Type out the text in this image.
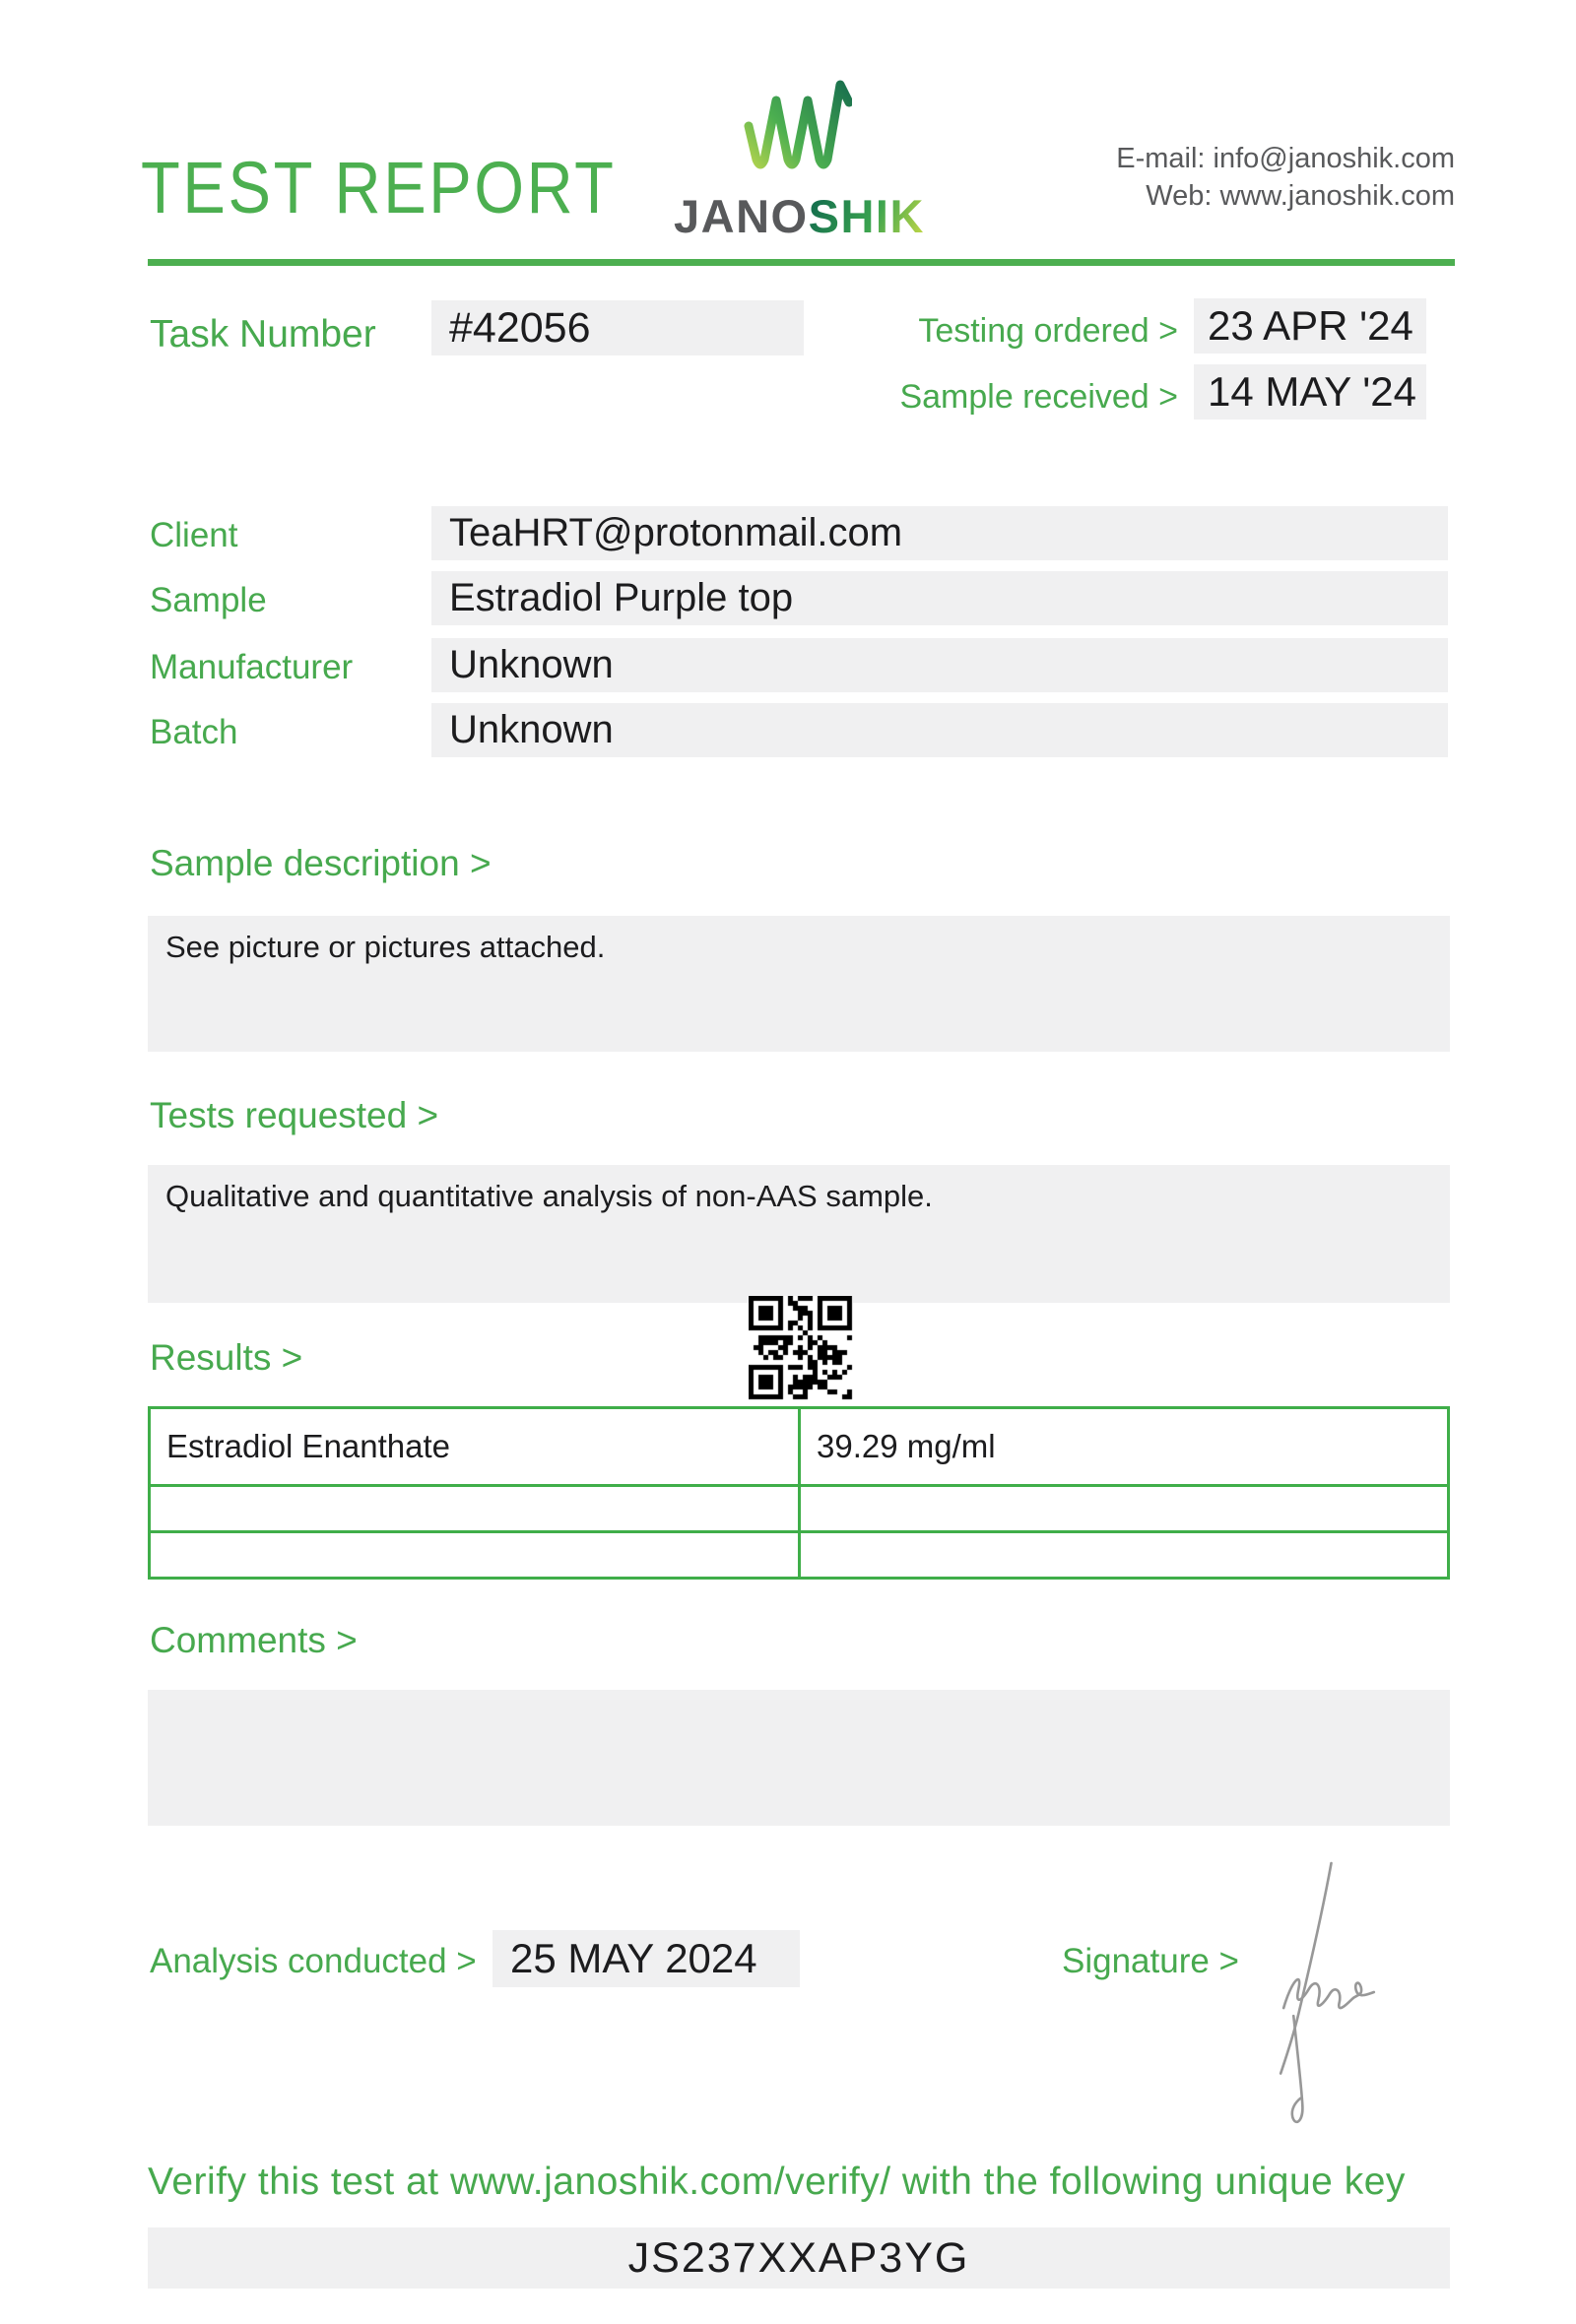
TEST REPORT JANOSHIK
E-mail: info@janoshik.com
Web: www.janoshik.com
Task Number	#42056	Testing ordered > 23 APR '24
Sample received > 14 MAY '24
Client	TeaHRT@protonmail.com
Sample	Estradiol Purple top
Manufacturer	Unknown
Batch	Unknown
Sample description >
See picture or pictures attached.
Tests requested >
Qualitative and quantitative analysis of non-AAS sample.
Results >
Estradiol Enanthate	39.29 mg/ml
Comments >
Analysis conducted > 25 MAY 2024	Signature >
Verify this test at www.janoshik.com/verify/ with the following unique key
JS237XXAP3YG
